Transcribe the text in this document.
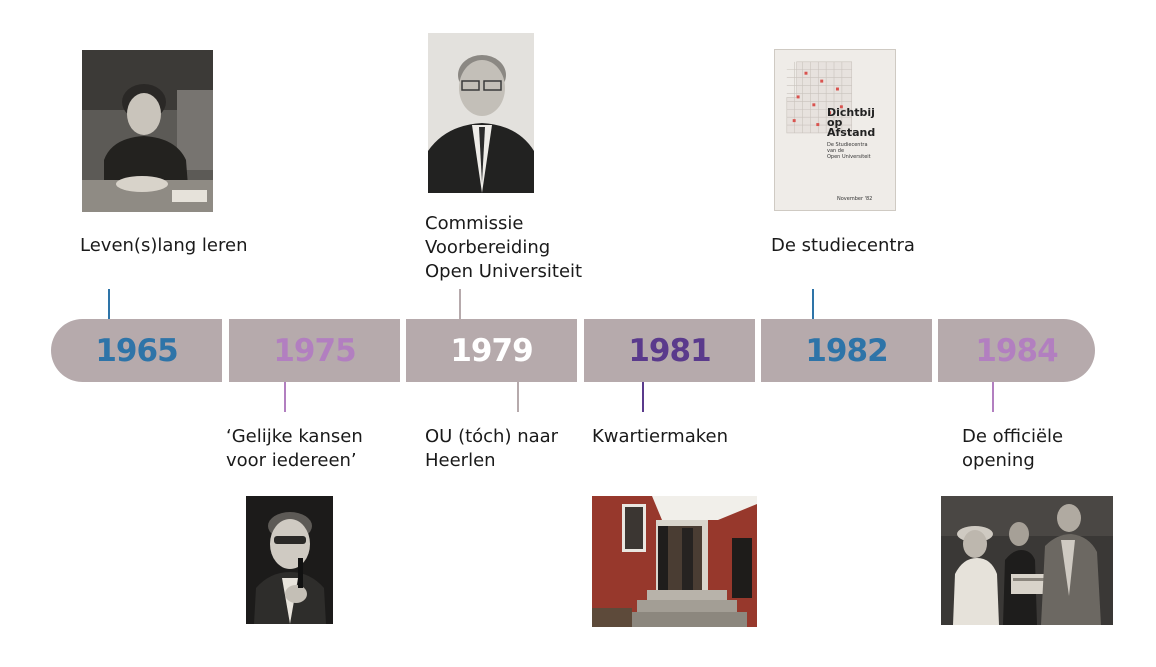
1965	1975	1979	1981	1982	1984
Leven(s)lang leren
‘Gelijke kansen
voor iedereen’
Commissie
Voorbereiding
Open Universiteit
OU (tóch) naar
Heerlen
Kwartiermaken
De studiecentra
De officiële
opening
Dichtbij
op
Afstand
De Studiecentra
van de
Open Universiteit
November '82
